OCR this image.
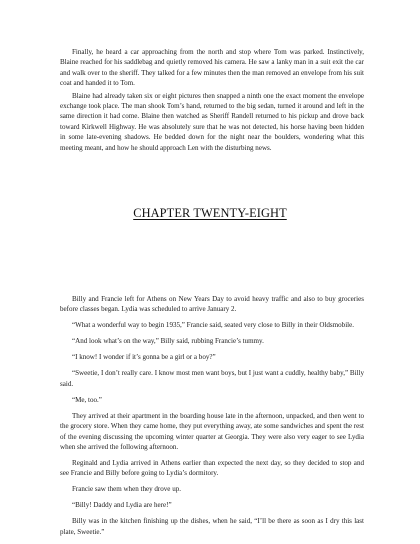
Finally, he heard a car approaching from the north and stop where Tom was parked. Instinctively, Blaine reached for his saddlebag and quietly removed his camera. He saw a lanky man in a suit exit the car and walk over to the sheriff. They talked for a few minutes then the man removed an envelope from his suit coat and handed it to Tom.

Blaine had already taken six or eight pictures then snapped a ninth one the exact moment the envelope exchange took place. The man shook Tom’s hand, returned to the big sedan, turned it around and left in the same direction it had come. Blaine then watched as Sheriff Randell returned to his pickup and drove back toward Kirkwell Highway. He was absolutely sure that he was not detected, his horse having been hidden in some late-evening shadows. He bedded down for the night near the boulders, wondering what this meeting meant, and how he should approach Len with the disturbing news.

CHAPTER TWENTY-EIGHT

Billy and Francie left for Athens on New Years Day to avoid heavy traffic and also to buy groceries before classes began. Lydia was scheduled to arrive January 2.

“What a wonderful way to begin 1935,” Francie said, seated very close to Billy in their Oldsmobile.

“And look what’s on the way,” Billy said, rubbing Francie’s tummy.

“I know! I wonder if it’s gonna be a girl or a boy?”

“Sweetie, I don’t really care. I know most men want boys, but I just want a cuddly, healthy baby,” Billy said.

“Me, too.”

They arrived at their apartment in the boarding house late in the afternoon, unpacked, and then went to the grocery store. When they came home, they put everything away, ate some sandwiches and spent the rest of the evening discussing the upcoming winter quarter at Georgia. They were also very eager to see Lydia when she arrived the following afternoon.

Reginald and Lydia arrived in Athens earlier than expected the next day, so they decided to stop and see Francie and Billy before going to Lydia’s dormitory.

Francie saw them when they drove up.

“Billy! Daddy and Lydia are here!”

Billy was in the kitchen finishing up the dishes, when he said, “I’ll be there as soon as I dry this last plate, Sweetie.”
